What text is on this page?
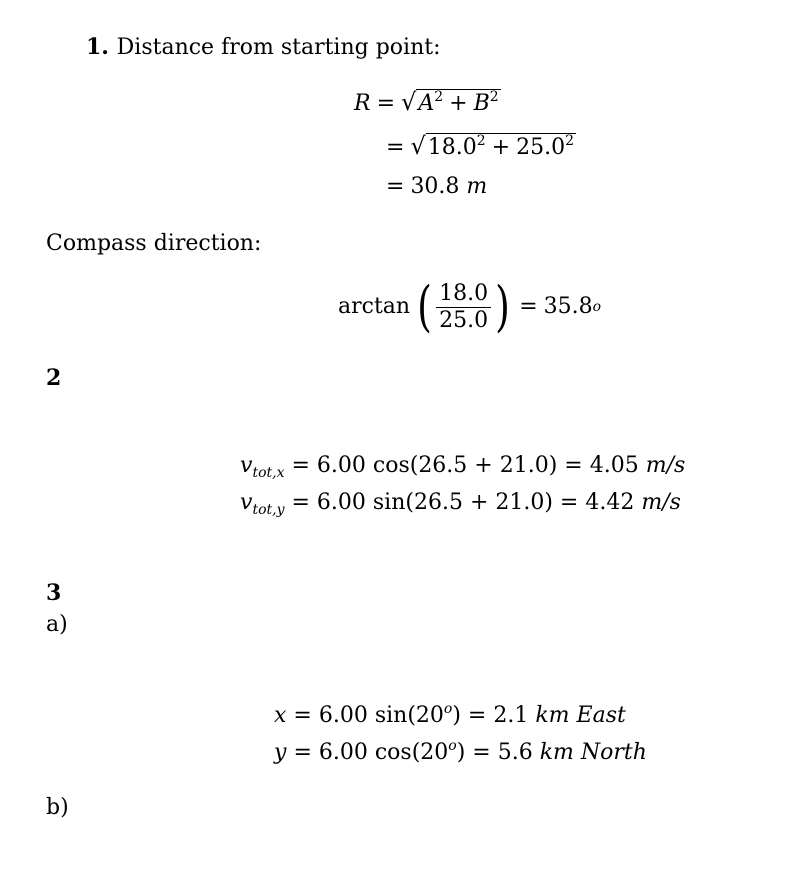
1. Distance from starting point:
$R = √A^2 + B^2$
= $√18.0^2 + 25.0^2$
= 30.8 m
Compass direction:
arctan ( $\frac{18.0}{25.0}$ ) = 35.8 o
2
$v_{tot,x} = 6.00$ cos(26.5 + 21.0) = 4.05 m/s
$v_{tot,y} = 6.00$ sin(26.5 + 21.0) = 4.42 m/s
3
a)
x = 6.00 $\sin(20^o) = 2.1$ km East
y = 6.00 $\cos(20^o) = 5.6$ km North
b)
